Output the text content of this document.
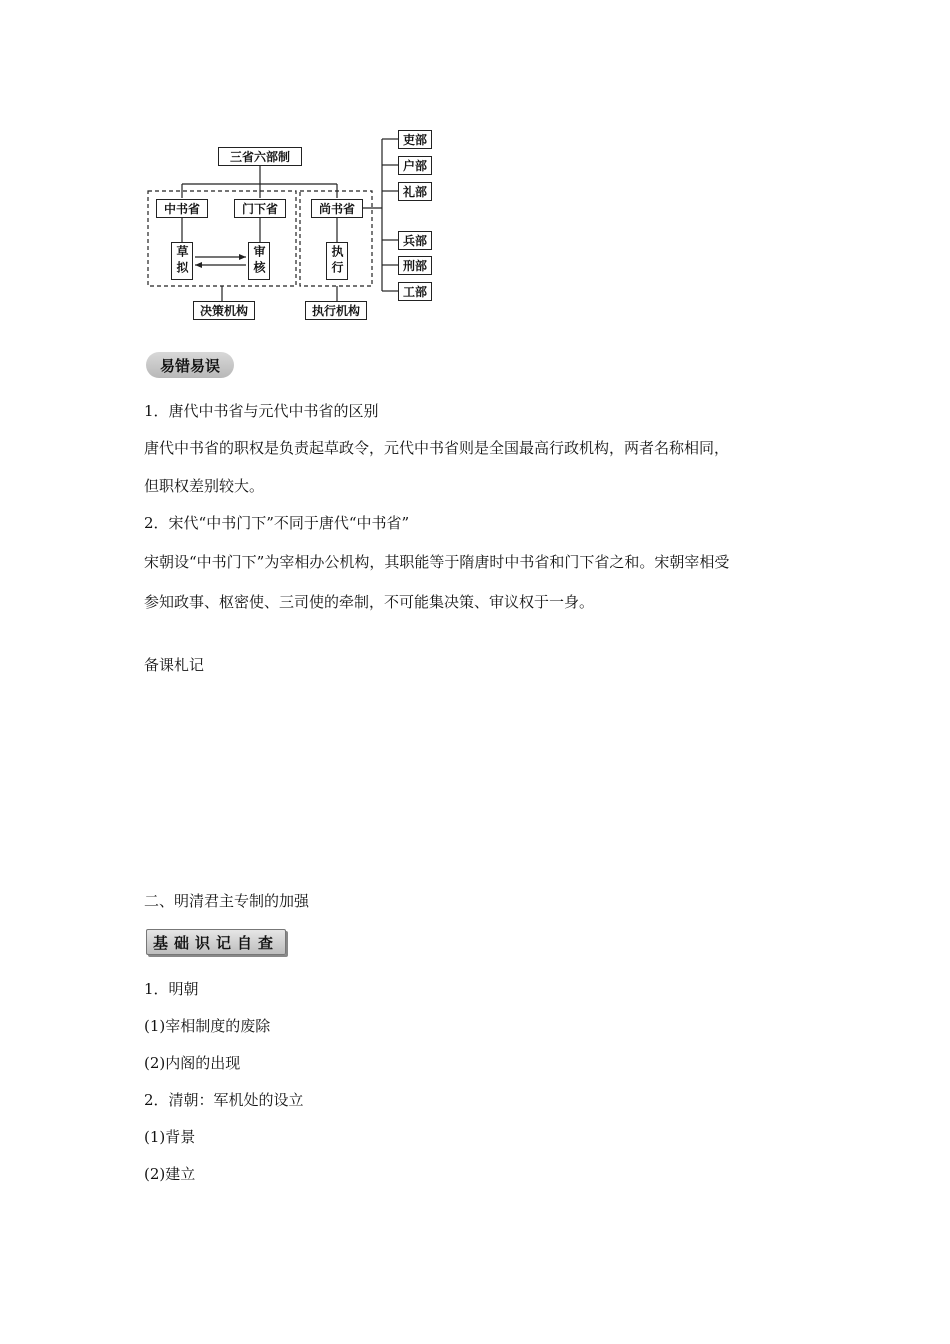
三省六部制
中书省	门下省	尚书省
草拟	审核	执行
决策机构	执行机构
吏部
户部
礼部
兵部
刑部
工部
易错易误
1．唐代中书省与元代中书省的区别
唐代中书省的职权是负责起草政令，元代中书省则是全国最高行政机构，两者名称相同，
但职权差别较大。
2．宋代“中书门下”不同于唐代“中书省”
宋朝设“中书门下”为宰相办公机构，其职能等于隋唐时中书省和门下省之和。宋朝宰相受
参知政事、枢密使、三司使的牵制，不可能集决策、审议权于一身。
备课札记
二、明清君主专制的加强
基础识记自查
1．明朝
(1)宰相制度的废除
(2)内阁的出现
2．清朝：军机处的设立
(1)背景
(2)建立
